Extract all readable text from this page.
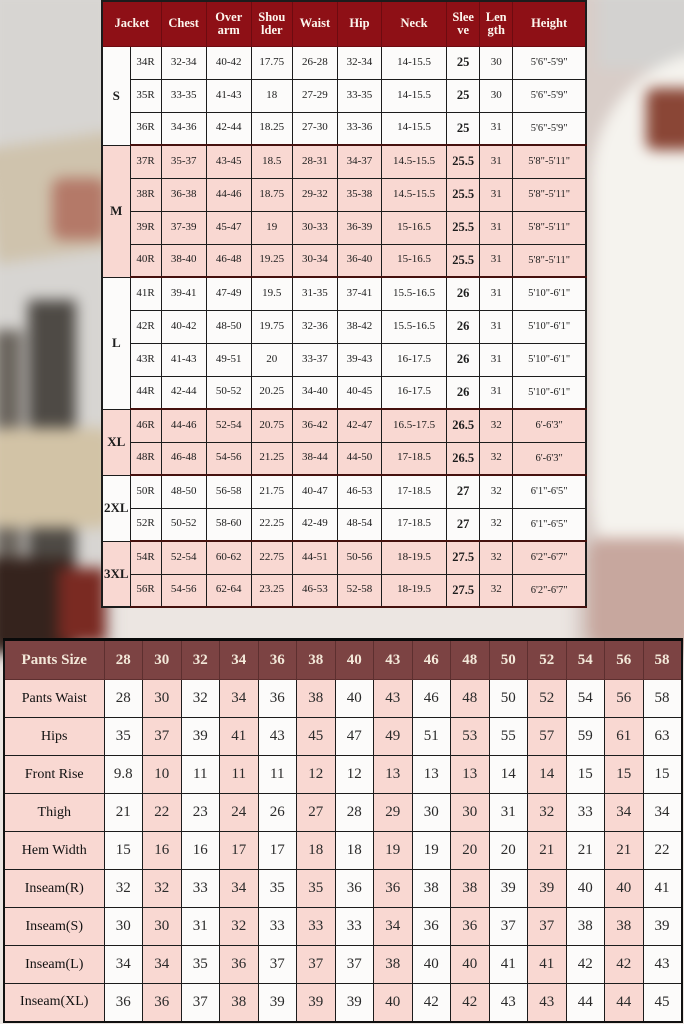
Jacket		Chest	Over arm	Shou lder	Waist	Hip	Neck	Slee ve	Len gth	Height
S	34R	32-34	40-42	17.75	26-28	32-34	14-15.5	25	30	5'6"-5'9"
	35R	33-35	41-43	18	27-29	33-35	14-15.5	25	30	5'6"-5'9"
	36R	34-36	42-44	18.25	27-30	33-36	14-15.5	25	31	5'6"-5'9"
M	37R	35-37	43-45	18.5	28-31	34-37	14.5-15.5	25.5	31	5'8"-5'11"
	38R	36-38	44-46	18.75	29-32	35-38	14.5-15.5	25.5	31	5'8"-5'11"
	39R	37-39	45-47	19	30-33	36-39	15-16.5	25.5	31	5'8"-5'11"
	40R	38-40	46-48	19.25	30-34	36-40	15-16.5	25.5	31	5'8"-5'11"
L	41R	39-41	47-49	19.5	31-35	37-41	15.5-16.5	26	31	5'10"-6'1"
	42R	40-42	48-50	19.75	32-36	38-42	15.5-16.5	26	31	5'10"-6'1"
	43R	41-43	49-51	20	33-37	39-43	16-17.5	26	31	5'10"-6'1"
	44R	42-44	50-52	20.25	34-40	40-45	16-17.5	26	31	5'10"-6'1"
XL	46R	44-46	52-54	20.75	36-42	42-47	16.5-17.5	26.5	32	6'-6'3"
	48R	46-48	54-56	21.25	38-44	44-50	17-18.5	26.5	32	6'-6'3"
2XL	50R	48-50	56-58	21.75	40-47	46-53	17-18.5	27	32	6'1"-6'5"
	52R	50-52	58-60	22.25	42-49	48-54	17-18.5	27	32	6'1"-6'5"
3XL	54R	52-54	60-62	22.75	44-51	50-56	18-19.5	27.5	32	6'2"-6'7"
	56R	54-56	62-64	23.25	46-53	52-58	18-19.5	27.5	32	6'2"-6'7"
Pants Size	28	30	32	34	36	38	40	43	46	48	50	52	54	56	58
Pants Waist	28	30	32	34	36	38	40	43	46	48	50	52	54	56	58
Hips	35	37	39	41	43	45	47	49	51	53	55	57	59	61	63
Front Rise	9.8	10	11	11	11	12	12	13	13	13	14	14	15	15	15
Thigh	21	22	23	24	26	27	28	29	30	30	31	32	33	34	34
Hem Width	15	16	16	17	17	18	18	19	19	20	20	21	21	21	22
Inseam(R)	32	32	33	34	35	35	36	36	38	38	39	39	40	40	41
Inseam(S)	30	30	31	32	33	33	33	34	36	36	37	37	38	38	39
Inseam(L)	34	34	35	36	37	37	37	38	40	40	41	41	42	42	43
Inseam(XL)	36	36	37	38	39	39	39	40	42	42	43	43	44	44	45
